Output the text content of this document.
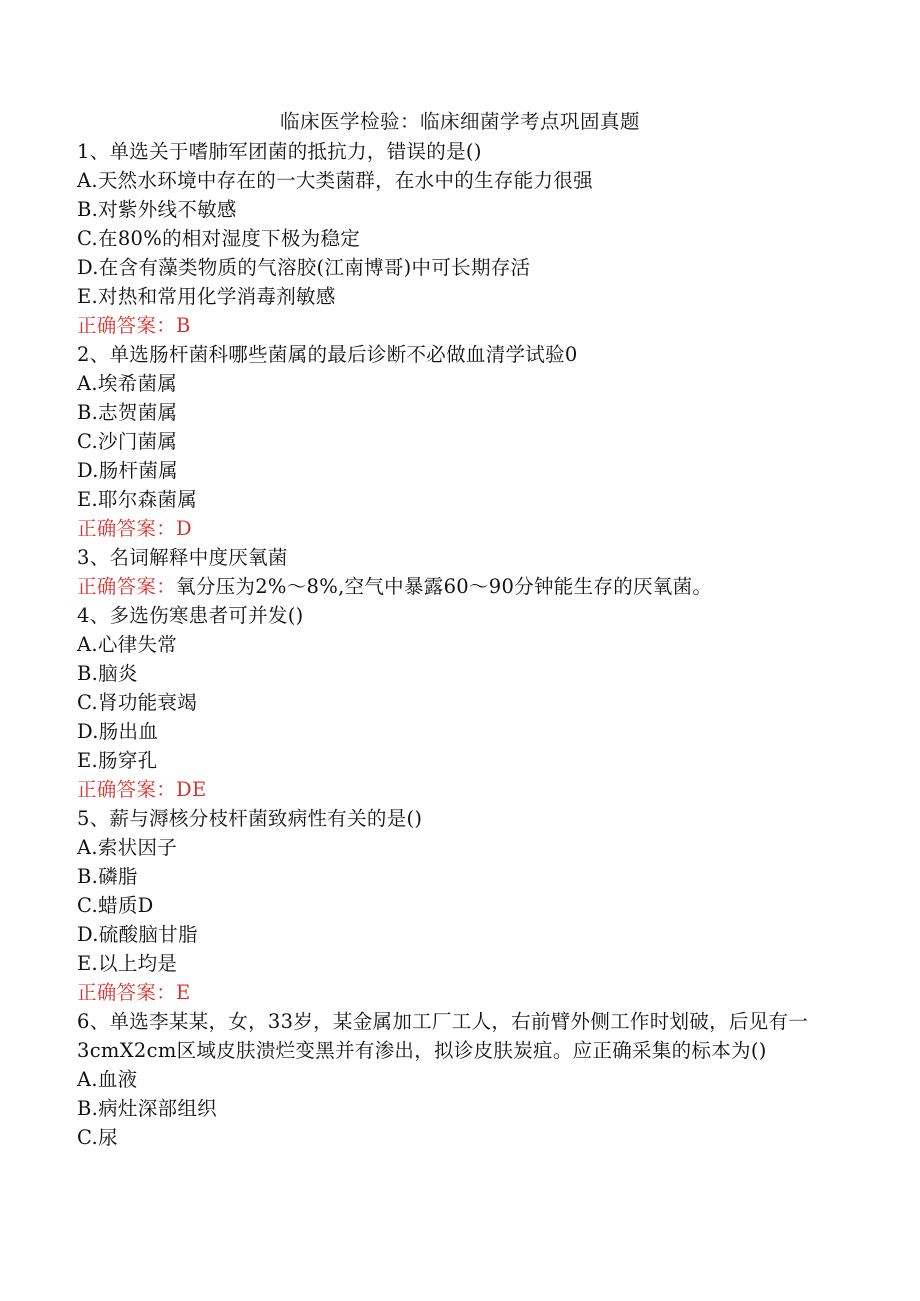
临床医学检验：临床细菌学考点巩固真题
1、单选关于嗜肺军团菌的抵抗力，错误的是()
A.天然水环境中存在的一大类菌群，在水中的生存能力很强
B.对紫外线不敏感
C.在80%的相对湿度下极为稳定
D.在含有藻类物质的气溶胶(江南博哥)中可长期存活
E.对热和常用化学消毒剂敏感
正确答案：B
2、单选肠杆菌科哪些菌属的最后诊断不必做血清学试验0
A.埃希菌属
B.志贺菌属
C.沙门菌属
D.肠杆菌属
E.耶尔森菌属
正确答案：D
3、名词解释中度厌氧菌
正确答案：氧分压为2%～8%,空气中暴露60～90分钟能生存的厌氧菌。
4、多选伤寒患者可并发()
A.心律失常
B.脑炎
C.肾功能衰竭
D.肠出血
E.肠穿孔
正确答案：DE
5、薪与溽核分枝杆菌致病性有关的是()
A.索状因子
B.磷脂
C.蜡质D
D.硫酸脑甘脂
E.以上均是
正确答案：E
6、单选李某某，女，33岁，某金属加工厂工人，右前臂外侧工作时划破，后见有一3cmX2cm区域皮肤溃烂变黑并有渗出，拟诊皮肤炭疽。应正确采集的标本为()
A.血液
B.病灶深部组织
C.尿
